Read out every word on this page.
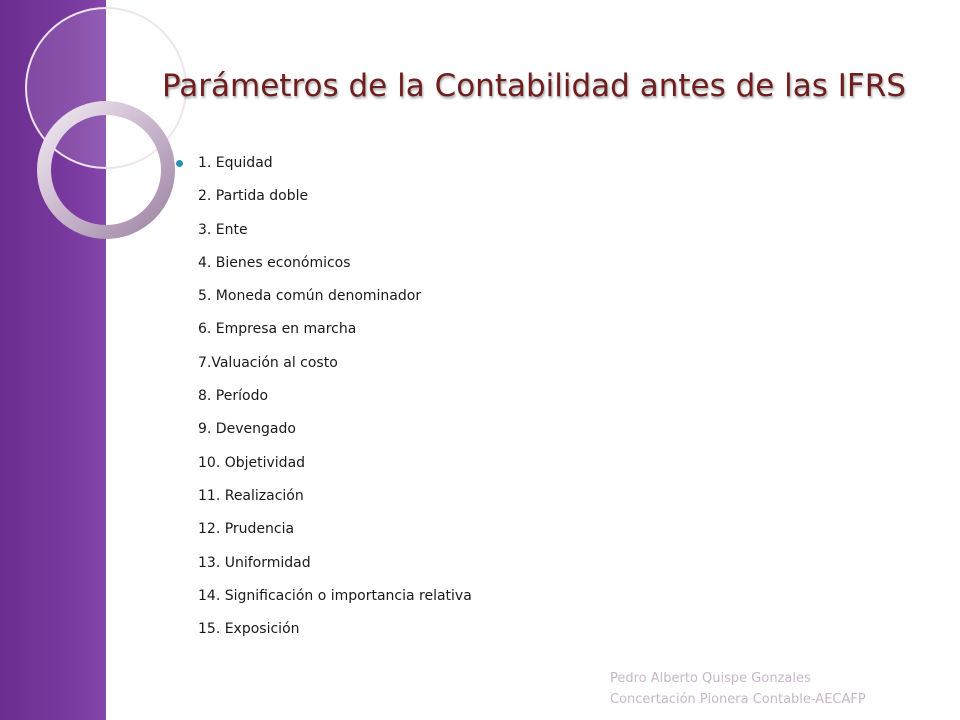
Parámetros de la Contabilidad antes de las IFRS
1. Equidad
2. Partida doble
3. Ente
4. Bienes económicos
5. Moneda común denominador
6. Empresa en marcha
7.Valuación al costo
8. Período
9. Devengado
10. Objetividad
11. Realización
12. Prudencia
13. Uniformidad
14. Significación o importancia relativa
15. Exposición
Pedro Alberto Quispe Gonzales
Concertación Pionera Contable-AECAFP
